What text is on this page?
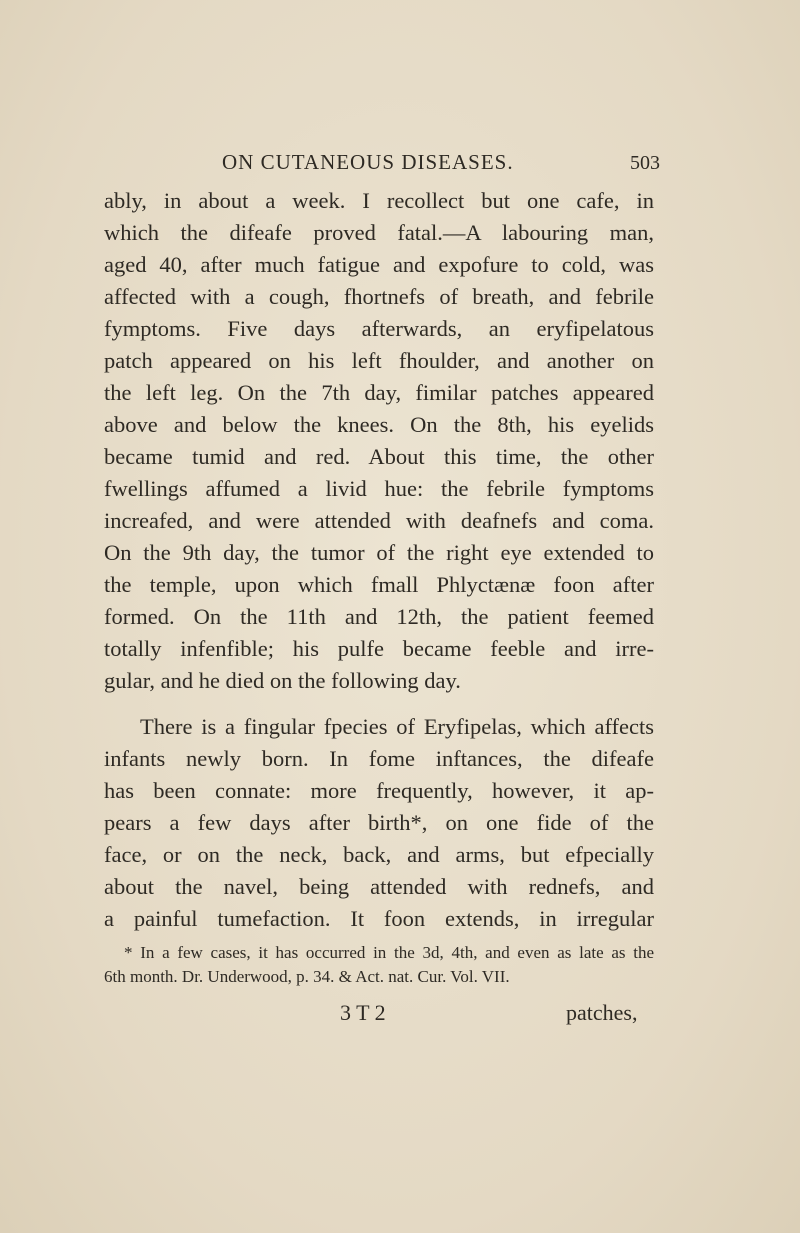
ON CUTANEOUS DISEASES.	503
ably, in about a week. I recollect but one cafe, in
which the difeafe proved fatal.—A labouring man,
aged 40, after much fatigue and expofure to cold, was
affected with a cough, fhortnefs of breath, and febrile
fymptoms. Five days afterwards, an eryfipelatous
patch appeared on his left fhoulder, and another on
the left leg. On the 7th day, fimilar patches appeared
above and below the knees. On the 8th, his eyelids
became tumid and red. About this time, the other
fwellings affumed a livid hue: the febrile fymptoms
increafed, and were attended with deafnefs and coma.
On the 9th day, the tumor of the right eye extended to
the temple, upon which fmall Phlyctænæ foon after
formed. On the 11th and 12th, the patient feemed
totally infenfible; his pulfe became feeble and irre-
gular, and he died on the following day.
There is a fingular fpecies of Eryfipelas, which affects
infants newly born. In fome inftances, the difeafe
has been connate: more frequently, however, it ap-
pears a few days after birth*, on one fide of the
face, or on the neck, back, and arms, but efpecially
about the navel, being attended with rednefs, and
a painful tumefaction. It foon extends, in irregular
* In a few cases, it has occurred in the 3d, 4th, and even as late as the
6th month. Dr. Underwood, p. 34. & Act. nat. Cur. Vol. VII.
3 T 2	patches,
